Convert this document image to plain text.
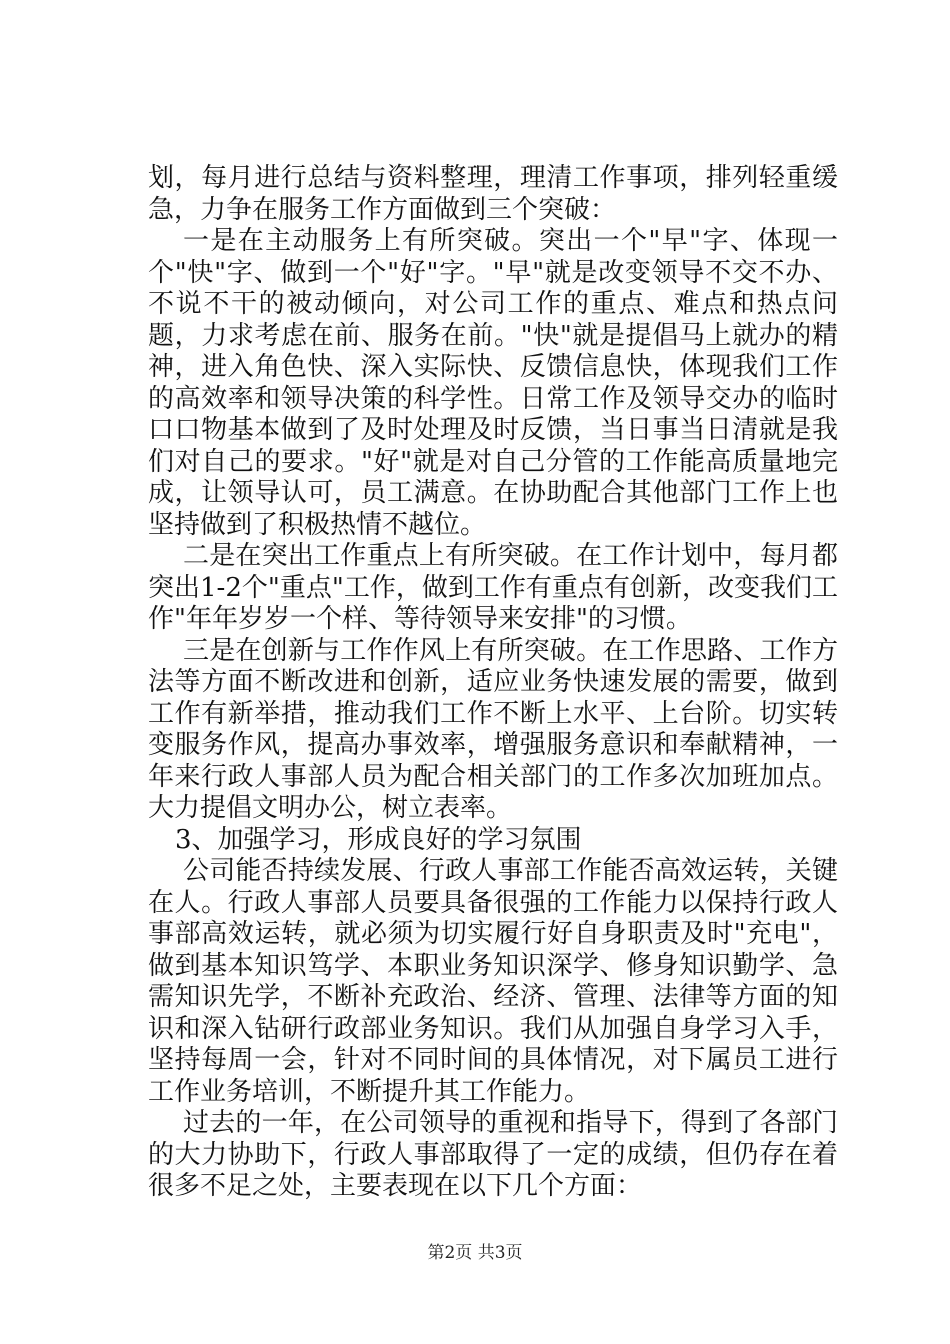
划，每月进行总结与资料整理，理清工作事项，排列轻重缓急，力争在服务工作方面做到三个突破：

一是在主动服务上有所突破。突出一个"早"字、体现一个"快"字、做到一个"好"字。"早"就是改变领导不交不办、不说不干的被动倾向，对公司工作的重点、难点和热点问题，力求考虑在前、服务在前。"快"就是提倡马上就办的精神，进入角色快、深入实际快、反馈信息快，体现我们工作的高效率和领导决策的科学性。日常工作及领导交办的临时口口物基本做到了及时处理及时反馈，当日事当日清就是我们对自己的要求。"好"就是对自己分管的工作能高质量地完成，让领导认可，员工满意。在协助配合其他部门工作上也坚持做到了积极热情不越位。

二是在突出工作重点上有所突破。在工作计划中，每月都突出1-2个"重点"工作，做到工作有重点有创新，改变我们工作"年年岁岁一个样、等待领导来安排"的习惯。

三是在创新与工作作风上有所突破。在工作思路、工作方法等方面不断改进和创新，适应业务快速发展的需要，做到工作有新举措，推动我们工作不断上水平、上台阶。切实转变服务作风，提高办事效率，增强服务意识和奉献精神，一年来行政人事部人员为配合相关部门的工作多次加班加点。大力提倡文明办公，树立表率。

3、加强学习，形成良好的学习氛围

公司能否持续发展、行政人事部工作能否高效运转，关键在人。行政人事部人员要具备很强的工作能力以保持行政人事部高效运转，就必须为切实履行好自身职责及时"充电"，做到基本知识笃学、本职业务知识深学、修身知识勤学、急需知识先学，不断补充政治、经济、管理、法律等方面的知识和深入钻研行政部业务知识。我们从加强自身学习入手，坚持每周一会，针对不同时间的具体情况，对下属员工进行工作业务培训，不断提升其工作能力。

过去的一年，在公司领导的重视和指导下，得到了各部门的大力协助下，行政人事部取得了一定的成绩，但仍存在着很多不足之处，主要表现在以下几个方面：

第2页 共3页
